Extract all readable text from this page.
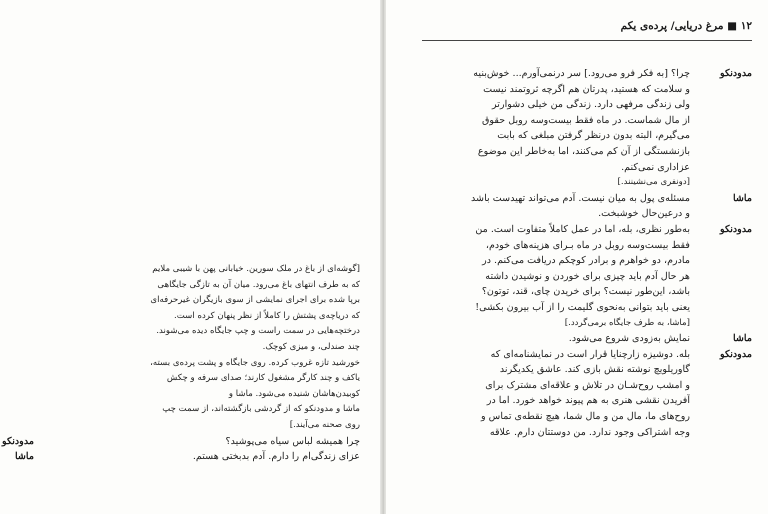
[گوشه‌ای از باغ در ملک سورین. خیابانی پهن با شیبی ملایم
که به طرف انتهای باغ می‌رود. میان آن به تازگی جایگاهی
برپا شده برای اجرای نمایشی از سوی بازیگران غیرحرفه‌ای
که دریاچه‌ی پشتش را کاملاً از نظر پنهان کرده است.
درختچه‌هایی در سمت راست و چپ جایگاه دیده می‌شوند.
چند صندلی، و میزی کوچک.
خورشید تازه غروب کرده. روی جایگاه و پشت پرده‌ی بسته،
یاکف و چند کارگر مشغول کارند؛ صدای سرفه و چکش
کوبیدن‌هاشان شنیده می‌شود. ماشا و
ماشا و مدودنکو که از گردشی بازگشته‌اند، از سمت چپ
روی صحنه می‌آیند.]
چرا همیشه لباس سیاه می‌پوشید؟
عزای زندگی‌ام را دارم. آدم بدبختی هستم.
مدودنکو
ماشا
۱۲ ■ مرغ دریایی/ پرده‌ی یکم
چرا؟ [به فکر فرو می‌رود.] سر درنمی‌آورم... خوش‌بنیه
و سلامت که هستید، پدرتان هم اگرچه ثروتمند نیست
ولی زندگی مرفهی دارد. زندگی من خیلی دشوارتر
از مال شماست. در ماه فقط بیست‌وسه روبل حقوق
می‌گیرم، البته بدون درنظر گرفتن مبلغی که بابت
بازنشستگی از آن کم می‌کنند، اما به‌خاطر این موضوع
عزاداری نمی‌کنم.
[دونفری می‌نشینند.]
مسئله‌ی پول به میان نیست. آدم می‌تواند تهیدست باشد
و درعین‌حال خوشبخت.
به‌طور نظری، بله، اما در عمل کاملاً متفاوت است. من
فقط بیست‌وسه روبل در ماه بـرای هزینه‌های خودم،
مادرم، دو خواهرم و برادر کوچکم دریافت می‌کنم. در
هر حال آدم باید چیزی برای خوردن و نوشیدن داشته
باشد، این‌طور نیست؟ برای خریدن چای، قند، توتون؟
یعنی باید بتوانی به‌نحوی گلیمت را از آب بیرون بکشی!
[ماشا، به طرف جایگاه برمی‌گردد.]
نمایش به‌زودی شروع می‌شود.
بله. دوشیزه زارچنایا قرار است در نمایشنامه‌ای که
گاوریلویچ نوشته نقش بازی کند. عاشق یکدیگرند
و امشب روح‌شـان در تلاش و علاقه‌ای مشترک برای
آفریدن نقشی هنری به هم پیوند خواهد خورد. اما در
روح‌های ما، مال من و مال شما، هیچ نقطه‌ی تماس و
وجه اشتراکی وجود ندارد. من دوستتان دارم. علاقه
مدودنکو
ماشا
مدودنکو
ماشا
مدودنکو
